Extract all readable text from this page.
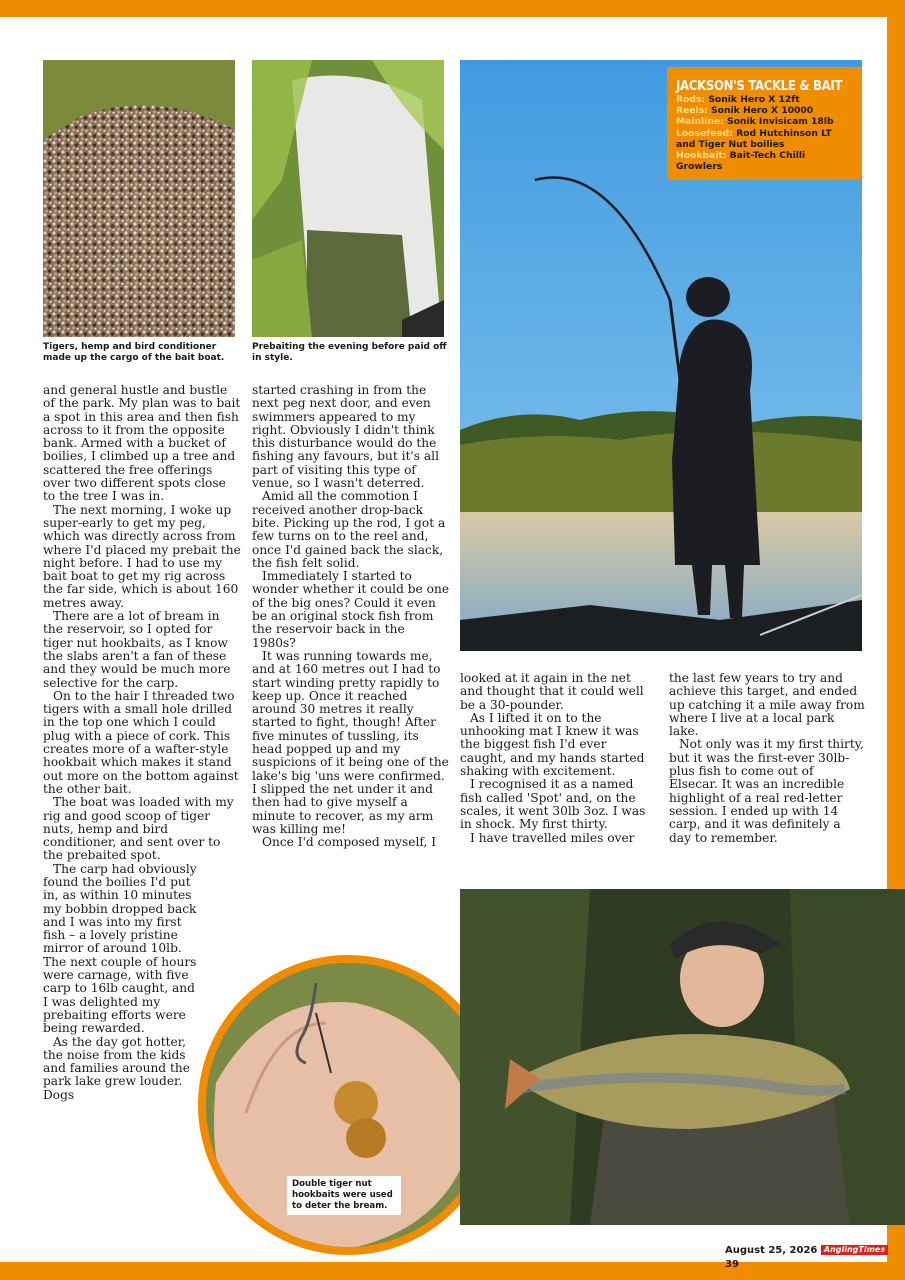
Tigers, hemp and bird conditioner made up the cargo of the bait boat.
Prebaiting the evening before paid off in style.
JACKSON'S TACKLE & BAIT
Rods: Sonik Hero X 12ft
Reels: Sonik Hero X 10000
Mainline: Sonik Invisicam 18lb
Loosefeed: Rod Hutchinson LT and Tiger Nut boilies
Hookbait: Bait-Tech Chilli Growlers

and general hustle and bustle of the park. My plan was to bait a spot in this area and then fish across to it from the opposite bank. Armed with a bucket of boilies, I climbed up a tree and scattered the free offerings over two different spots close to the tree I was in.

The next morning, I woke up super-early to get my peg, which was directly across from where I'd placed my prebait the night before. I had to use my bait boat to get my rig across the far side, which is about 160 metres away.

There are a lot of bream in the reservoir, so I opted for tiger nut hookbaits, as I know the slabs aren't a fan of these and they would be much more selective for the carp.

On to the hair I threaded two tigers with a small hole drilled in the top one which I could plug with a piece of cork. This creates more of a wafter-style hookbait which makes it stand out more on the bottom against the other bait.

The boat was loaded with my rig and good scoop of tiger nuts, hemp and bird conditioner, and sent over to the prebaited spot.

The carp had obviously found the boilies I'd put in, as within 10 minutes my bobbin dropped back and I was into my first fish – a lovely pristine mirror of around 10lb. The next couple of hours were carnage, with five carp to 16lb caught, and I was delighted my prebaiting efforts were being rewarded.

As the day got hotter, the noise from the kids and families around the park lake grew louder. Dogs

started crashing in from the next peg next door, and even swimmers appeared to my right. Obviously I didn't think this disturbance would do the fishing any favours, but it's all part of visiting this type of venue, so I wasn't deterred.

Amid all the commotion I received another drop-back bite. Picking up the rod, I got a few turns on to the reel and, once I'd gained back the slack, the fish felt solid.

Immediately I started to wonder whether it could be one of the big ones? Could it even be an original stock fish from the reservoir back in the 1980s?

It was running towards me, and at 160 metres out I had to start winding pretty rapidly to keep up. Once it reached around 30 metres it really started to fight, though! After five minutes of tussling, its head popped up and my suspicions of it being one of the lake's big 'uns were confirmed. I slipped the net under it and then had to give myself a minute to recover, as my arm was killing me!

Once I'd composed myself, I

looked at it again in the net and thought that it could well be a 30-pounder.

As I lifted it on to the unhooking mat I knew it was the biggest fish I'd ever caught, and my hands started shaking with excitement.

I recognised it as a named fish called 'Spot' and, on the scales, it went 30lb 3oz. I was in shock. My first thirty.

I have travelled miles over

the last few years to try and achieve this target, and ended up catching it a mile away from where I live at a local park lake.

Not only was it my first thirty, but it was the first-ever 30lb-plus fish to come out of Elsecar. It was an incredible highlight of a real red-letter session. I ended up with 14 carp, and it was definitely a day to remember.

Double tiger nut hookbaits were used to deter the bream.
August 25, 2026 AnglingTimes 39
